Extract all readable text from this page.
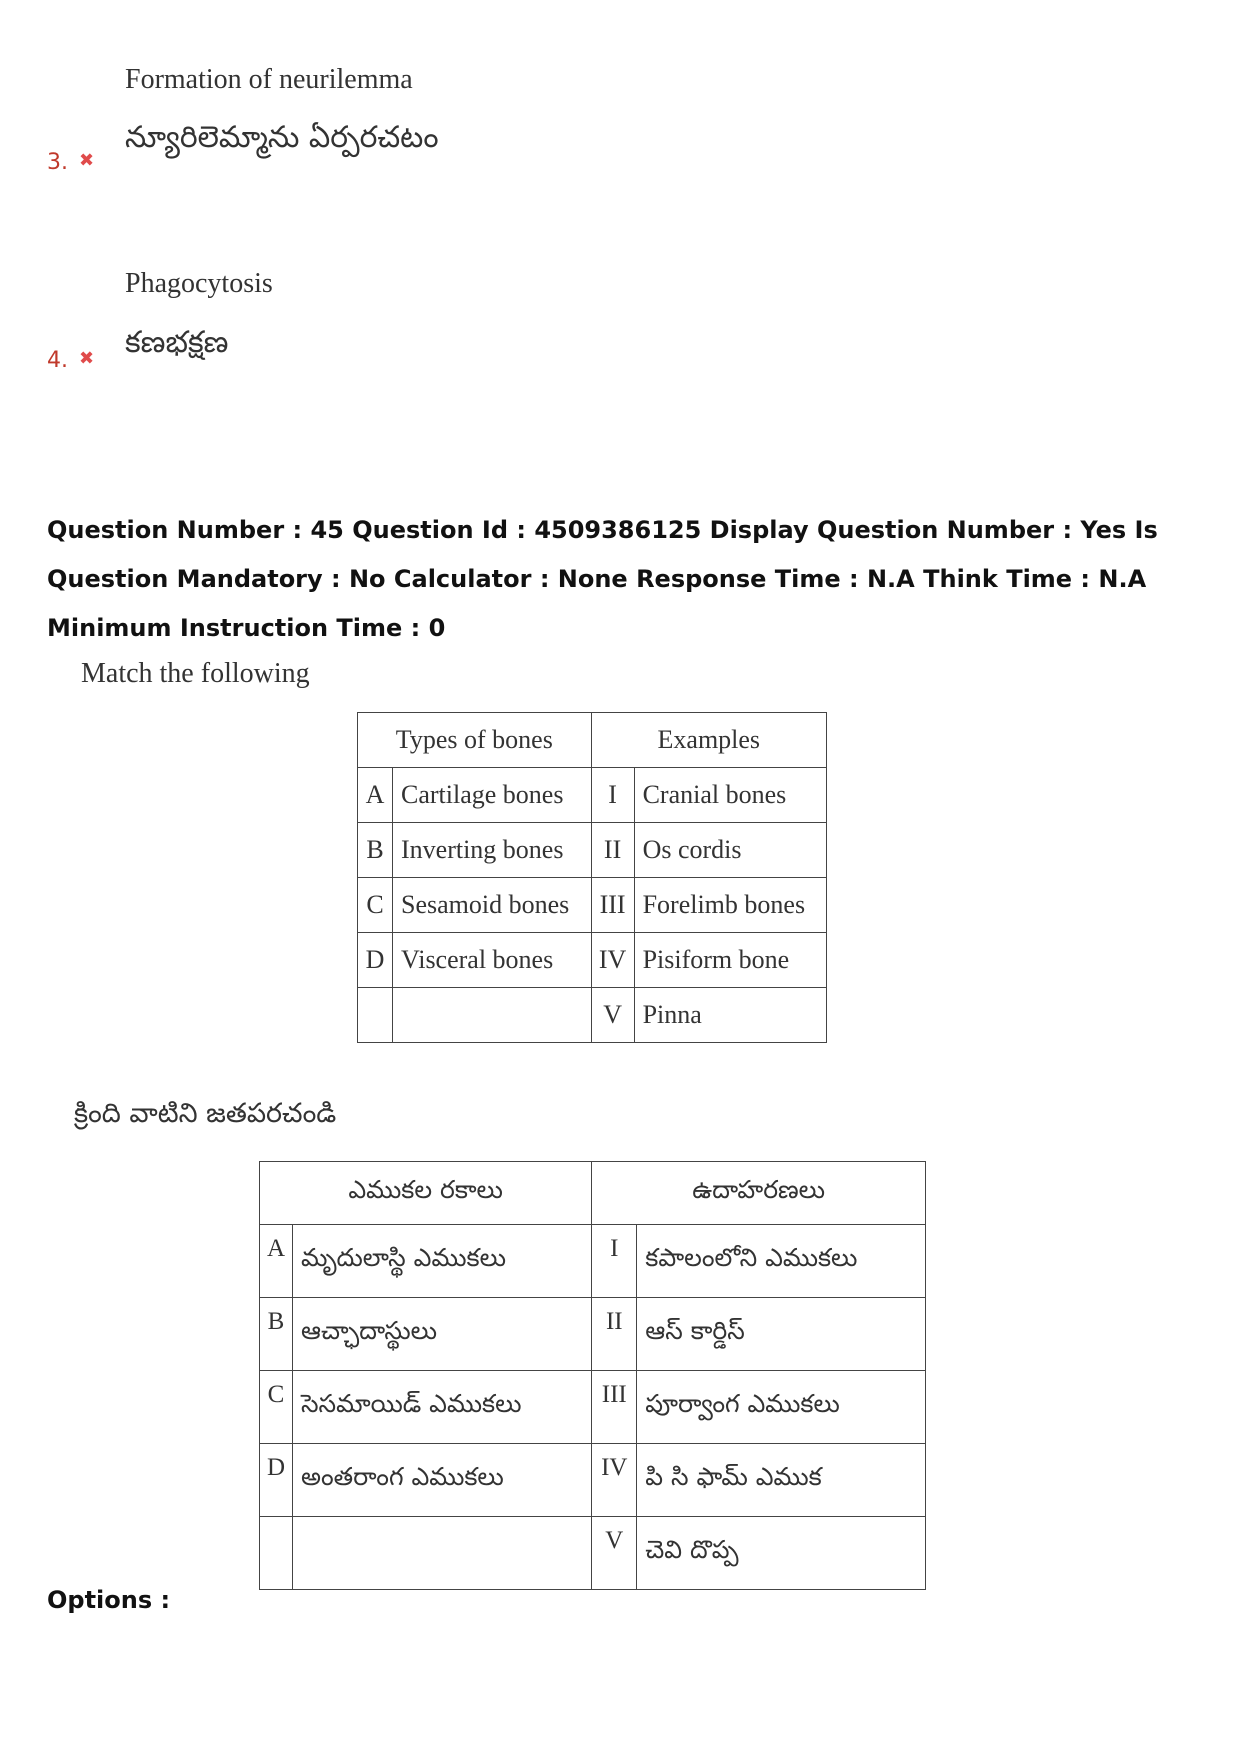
Formation of neurilemma
న్యూరిలెమ్మాను ఏర్పరచటం
3. ✖
Phagocytosis
కణభక్షణ
4. ✖
Question Number : 45 Question Id : 4509386125 Display Question Number : Yes Is Question Mandatory : No Calculator : None Response Time : N.A Think Time : N.A Minimum Instruction Time : 0
Match the following
Types of bones		Examples	
A	Cartilage bones	I	Cranial bones
B	Inverting bones	II	Os cordis
C	Sesamoid bones	III	Forelimb bones
D	Visceral bones	IV	Pisiform bone
		V	Pinna
క్రింది వాటిని జతపరచండి
ఎముకల రకాలు		ఉదాహరణలు	
A	మృదులాస్థి ఎముకలు	I	కపాలంలోని ఎముకలు
B	ఆచ్ఛాదాస్థులు	II	ఆస్ కార్డిస్
C	సెసమాయిడ్ ఎముకలు	III	పూర్వాంగ ఎముకలు
D	అంతరాంగ ఎముకలు	IV	పి సి ఫామ్ ఎముక
		V	చెవి దొప్ప
Options :
